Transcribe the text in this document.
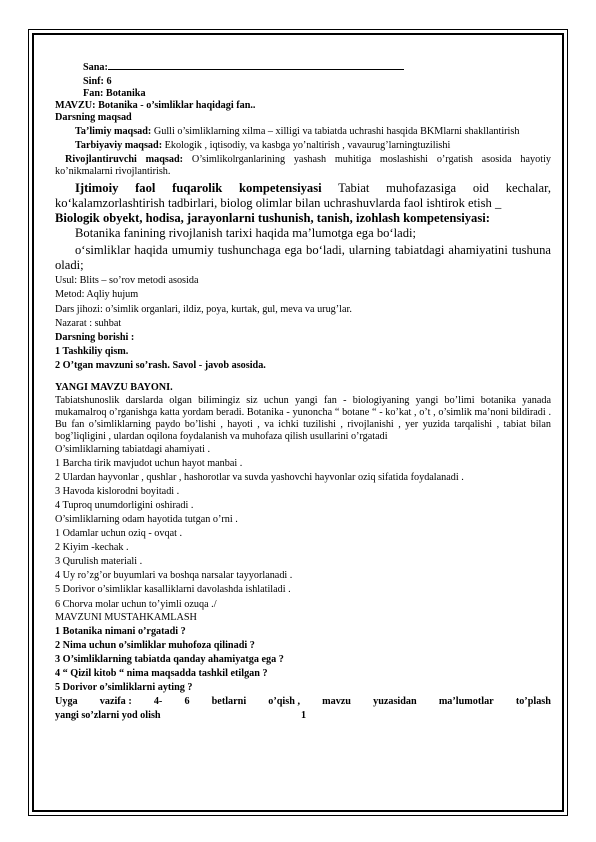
Sana:
Sinf: 6
Fan: Botanika
MAVZU: Botanika - o’simliklar haqidagi fan..
Darsning maqsad
Ta’limiy maqsad: Gulli o’simliklarning xilma – xilligi va tabiatda uchrashi hasqida BKMlarni shakllantirish
Tarbiyaviy maqsad: Ekologik , iqtisodiy, va kasbga yo’naltirish , vavaurug’larningtuzilishi
Rivojlantiruvchi maqsad: O’simlikolrganlarining yashash muhitiga moslashishi o’rgatish asosida hayotiy ko’nikmalarni rivojlantirish.
Ijtimoiy faol fuqarolik kompetensiyasi Tabiat muhofazasiga oid kechalar, ko‘kalamzorlashtirish tadbirlari, biolog olimlar bilan uchrashuvlarda faol ishtirok etish _
Biologik obyekt, hodisa, jarayonlarni tushunish, tanish, izohlash kompetensiyasi:
Botanika fanining rivojlanish tarixi haqida ma’lumotga ega bo‘ladi;
o‘simliklar haqida umumiy tushunchaga ega bo‘ladi, ularning tabiatdagi ahamiyatini tushuna oladi;
Usul: Blits – so’rov metodi asosida
Metod: Aqliy hujum
Dars jihozi: o’simlik organlari, ildiz, poya, kurtak, gul, meva va urug’lar.
Nazarat : suhbat
Darsning borishi :
1 Tashkiliy qism.
2 O’tgan mavzuni so’rash. Savol - javob asosida.
YANGI MAVZU BAYONI.
Tabiatshunoslik darslarda olgan bilimingiz siz uchun yangi fan - biologiyaning yangi bo’limi botanika yanada mukamalroq o’rganishga katta yordam beradi. Botanika - yunoncha “ botane “ - ko’kat , o’t , o’simlik ma’noni bildiradi . Bu fan o’simliklarning paydo bo’lishi , hayoti , va ichki tuzilishi , rivojlanishi , yer yuzida tarqalishi , tabiat bilan bog’liqligini , ulardan oqilona foydalanish va muhofaza qilish usullarini o’rgatadi
O’simliklarning tabiatdagi ahamiyati .
1 Barcha tirik mavjudot uchun hayot manbai .
2 Ulardan hayvonlar , qushlar , hashorotlar va suvda yashovchi hayvonlar oziq sifatida foydalanadi .
3 Havoda kislorodni boyitadi .
4 Tuproq unumdorligini oshiradi .
O’simliklarning odam hayotida tutgan o’rni .
1 Odamlar uchun oziq - ovqat .
2 Kiyim -kechak .
3 Qurulish materiali .
4 Uy ro’zg’or buyumlari va boshqa narsalar tayyorlanadi .
5 Dorivor o’simliklar kasalliklarni davolashda ishlatiladi .
6 Chorva molar uchun to’yimli ozuqa ./
MAVZUNI MUSTAHKAMLASH
1 Botanika nimani o’rgatadi ?
2 Nima uchun o’simliklar muhofoza qilinadi ?
3 O’simliklarning tabiatda qanday ahamiyatga ega ?
4 “ Qizil kitob “ nima maqsadda tashkil etilgan ?
5 Dorivor o’simliklarni ayting ?
Uyga vazifa : 4- 6 betlarni o’qish , mavzu yuzasidan ma’lumotlar to’plash
yangi so’zlarni yod olish	1
